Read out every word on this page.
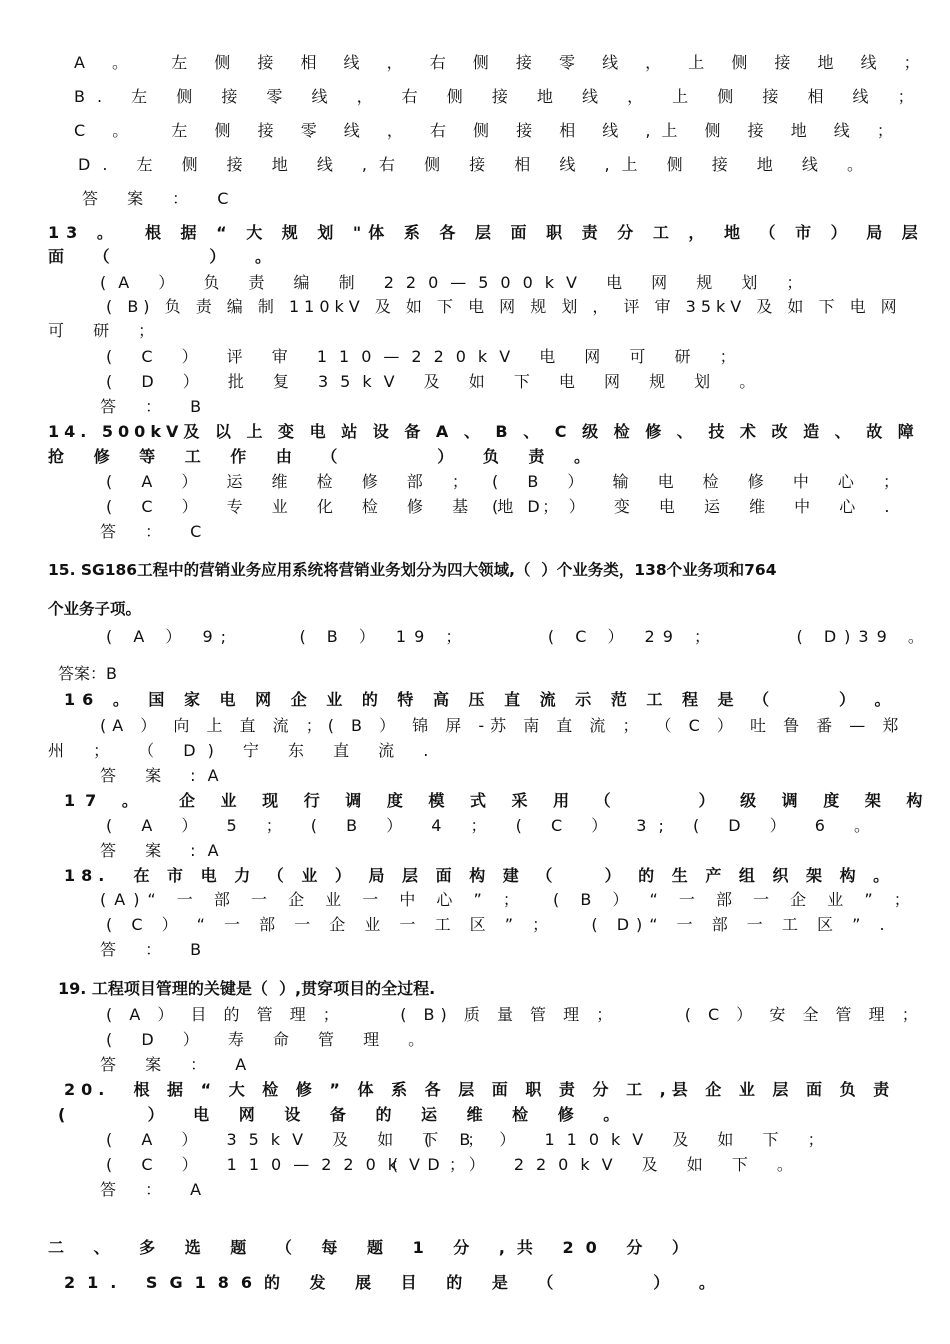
A 。  左 侧 接 相 线 ， 右 侧 接 零 线 ， 上 侧 接 地 线 ；
B. 左 侧 接 零 线 ， 右 侧 接 地 线 ， 上 侧 接 相 线 ；
C 。  左 侧 接 零 线 ， 右 侧 接 相 线 ,上 侧 接 地 线 ；
D. 左 侧 接 地 线 ,右 侧 接 相 线 ,上 侧 接 地 线 。
答 案 ： C
13 。  根 据 “ 大 规 划 "体 系 各 层 面 职 责 分 工 ， 地 （ 市 ） 局 层
面 （     ） 。
(A ） 负 责 编 制 220—500kV 电 网 规 划 ；
( B) 负 责 编 制 110kV 及 如 下 电 网 规 划 ， 评 审 35kV 及 如 下 电 网
可 研 ；
( C ） 评 审 110—220kV 电 网 可 研 ；
( D ） 批 复 35kV 及 如 下 电 网 规 划 。
答 ： B
14. 500kV及 以 上 变 电 站 设 备 A 、 B 、 C 级 检 修 、 技 术 改 造 、 故 障
抢 修 等 工 作 由 （     ） 负 责 。
( A ） 运 维 检 修 部 ； ( B ） 输 电 检 修 中 心 ；
( C ） 专 业 化 检 修 基 地 ；
( D ） 变 电 运 维 中 心 .
答 ： C
15. SG186工程中的营销业务应用系统将营销业务划分为四大领域,（  ）个业务类，138个业务项和764
个业务子项。
( A ） 9;     ( B ） 19 ；      ( C ） 29 ；      ( D)39 。
答案：B
16 。 国 家 电 网 企 业 的 特 高 压 直 流 示 范 工 程 是 （     ） 。
(A ） 向 上 直 流 ；( B ） 锦 屏 -苏 南 直 流 ； （ C ） 吐 鲁 番 — 郑
州 ； （ D) 宁 东 直 流 .
答 案 :A
17 。  企 业 现 行 调 度 模 式 采 用 （     ） 级 调 度 架 构
( A ） 5 ； ( B ） 4 ； ( C ） 3; ( D ） 6 。
答 案 :A
18.  在 市 电 力 （ 业 ） 局 层 面 构 建 （    ） 的 生 产 组 织 架 构 。
(A)“ 一 部 一 企 业 一 中 心 ” ；  ( B ） “ 一 部 一 企 业 ” ；
( C ） “ 一 部 一 企 业 一 工 区 ” ；   ( D)“ 一 部 一 工 区 ” .
答 ： B
19. 工程项目管理的关键是（  ）,贯穿项目的全过程.
( A ） 目 的 管 理 ；     ( B) 质 量 管 理 ；      ( C ） 安 全 管 理 ；
( D ） 寿 命 管 理 。
答 案 ： A
20.  根 据 “ 大 检 修 ” 体 系 各 层 面 职 责 分 工 ,县 企 业 层 面 负 责
(    ） 电 网 设 备 的 运 维 检 修 。
( A ） 35kV 及 如 下 ；
( B ） 110kV 及 如 下 ；
( C ） 110—220kV ；
( D ） 220kV 及 如 下 。
答 ： A
二 、 多 选 题 （ 每 题 1 分 ,共 20 分 ）
21. SG186的 发 展 目 的 是 （     ） 。
